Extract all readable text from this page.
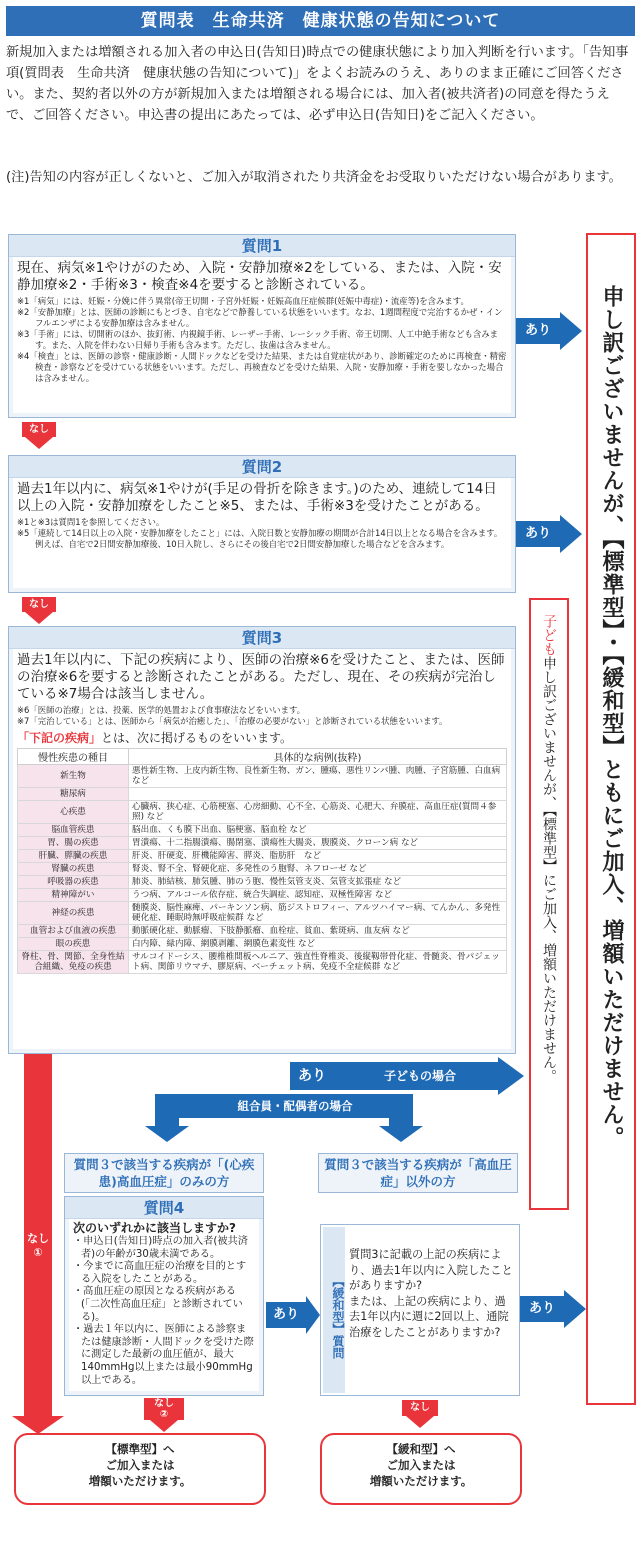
質問表　生命共済　健康状態の告知について
新規加入または増額される加入者の申込日(告知日)時点での健康状態により加入判断を行います。「告知事項(質問表　生命共済　健康状態の告知について)」をよくお読みのうえ、ありのまま正確にご回答ください。また、契約者以外の方が新規加入または増額される場合には、加入者(被共済者)の同意を得たうえで、ご回答ください。申込書の提出にあたっては、必ず申込日(告知日)をご記入ください。
(注)告知の内容が正しくないと、ご加入が取消されたり共済金をお受取りいただけない場合があります。
質問1
現在、病気※1やけがのため、入院・安静加療※2をしている、または、入院・安静加療※2・手術※3・検査※4を要すると診断されている。
※1「病気」には、妊娠・分娩に伴う異常(帝王切開・子宮外妊娠・妊娠高血圧症候群(妊娠中毒症)・流産等)を含みます。
※2「安静加療」とは、医師の診断にもとづき、自宅などで静養している状態をいいます。なお、1週間程度で完治するかぜ・インフルエンザによる安静加療は含みません。
※3「手術」には、切開術のほか、抜釘術、内視鏡手術、レーザー手術、レーシック手術、帝王切開、人工中絶手術なども含みます。また、入院を伴わない日帰り手術も含みます。ただし、抜歯は含みません。
※4「検査」とは、医師の診察・健康診断・人間ドックなどを受けた結果、または自覚症状があり、診断確定のために再検査・精密検査・診察などを受けている状態をいいます。ただし、再検査などを受けた結果、入院・安静加療・手術を要しなかった場合は含みません。
あり
なし
質問2
過去1年以内に、病気※1やけが(手足の骨折を除きます。)のため、連続して14日以上の入院・安静加療をしたこと※5、または、手術※3を受けたことがある。
※1と※3は質問1を参照してください。
※5「連続して14日以上の入院・安静加療をしたこと」には、入院日数と安静加療の期間が合計14日以上となる場合を含みます。例えば、自宅で2日間安静加療後、10日入院し、さらにその後自宅で2日間安静加療した場合などを含みます。
あり
なし
質問3
過去1年以内に、下記の疾病により、医師の治療※6を受けたこと、または、医師の治療※6を要すると診断されたことがある。ただし、現在、その疾病が完治している※7場合は該当しません。
※6「医師の治療」とは、投薬、医学的処置および食事療法などをいいます。
※7「完治している」とは、医師から「病気が治癒した」、「治療の必要がない」と診断されている状態をいいます。
「下記の疾病」とは、次に掲げるものをいいます。
慢性疾患の種目	具体的な病例(抜粋)
新生物	悪性新生物、上皮内新生物、良性新生物、ガン、腫瘍、悪性リンパ腫、肉腫、子宮筋腫、白血病 など
糖尿病	
心疾患	心臓病、狭心症、心筋梗塞、心房細動、心不全、心筋炎、心肥大、弁膜症、高血圧症(質問４参照) など
脳血管疾患	脳出血、くも膜下出血、脳梗塞、脳血栓 など
胃、腸の疾患	胃潰瘍、十二指腸潰瘍、腸閉塞、潰瘍性大腸炎、腹膜炎、クローン病 など
肝臓、膵臓の疾患	肝炎、肝硬変、肝機能障害、膵炎、脂肪肝　など
腎臓の疾患	腎炎、腎不全、腎硬化症、多発性のう胞腎、ネフローゼ など
呼吸器の疾患	肺炎、肺結核、肺気腫、肺のう胞、慢性気管支炎、気管支拡張症 など
精神障がい	うつ病、アルコール依存症、統合失調症、認知症、双極性障害 など
神経の疾患	髄膜炎、脳性麻痺、パーキンソン病、筋ジストロフィー、アルツハイマー病、てんかん、多発性硬化症、睡眠時無呼吸症候群 など
血管および血液の疾患	動脈硬化症、動脈瘤、下肢静脈瘤、血栓症、貧血、紫斑病、血友病 など
眼の疾患	白内障、緑内障、網膜剥離、網膜色素変性 など
脊柱、骨、関節、全身性結合組織、免疫の疾患	サルコイドーシス、腰椎椎間板ヘルニア、強直性脊椎炎、後縦靱帯骨化症、骨髄炎、骨パジェット病、関節リウマチ、膠原病、ベーチェット病、免疫不全症候群 など	申し訳ございませんが、【標準型】・【緩和型】ともにご加入、増額いただけません。
子ども申し訳ございませんが、【標準型】にご加入、増額いただけません。
なし
①
あり	子どもの場合
組合員・配偶者の場合
質問３で該当する疾病が「(心疾患)高血圧症」のみの方
質問３で該当する疾病が「高血圧症」以外の方
質問4
次のいずれかに該当しますか?
・申込日(告知日)時点の加入者(被共済者)の年齢が30歳未満である。
・今までに高血圧症の治療を目的とする入院をしたことがある。
・高血圧症の原因となる疾病がある(「二次性高血圧症」と診断されている)。
・過去１年以内に、医師による診察または健康診断・人間ドックを受けた際に測定した最新の血圧値が、最大140mmHg以上または最小90mmHg以上である。
あり	【緩和型】質問
質問3に記載の上記の疾病により、過去1年以内に入院したことがありますか?
または、上記の疾病により、過去1年以内に週に2回以上、通院治療をしたことがありますか?
あり
なし
②
なし
【標準型】へ
ご加入または
増額いただけます。
【緩和型】へ
ご加入または
増額いただけます。
